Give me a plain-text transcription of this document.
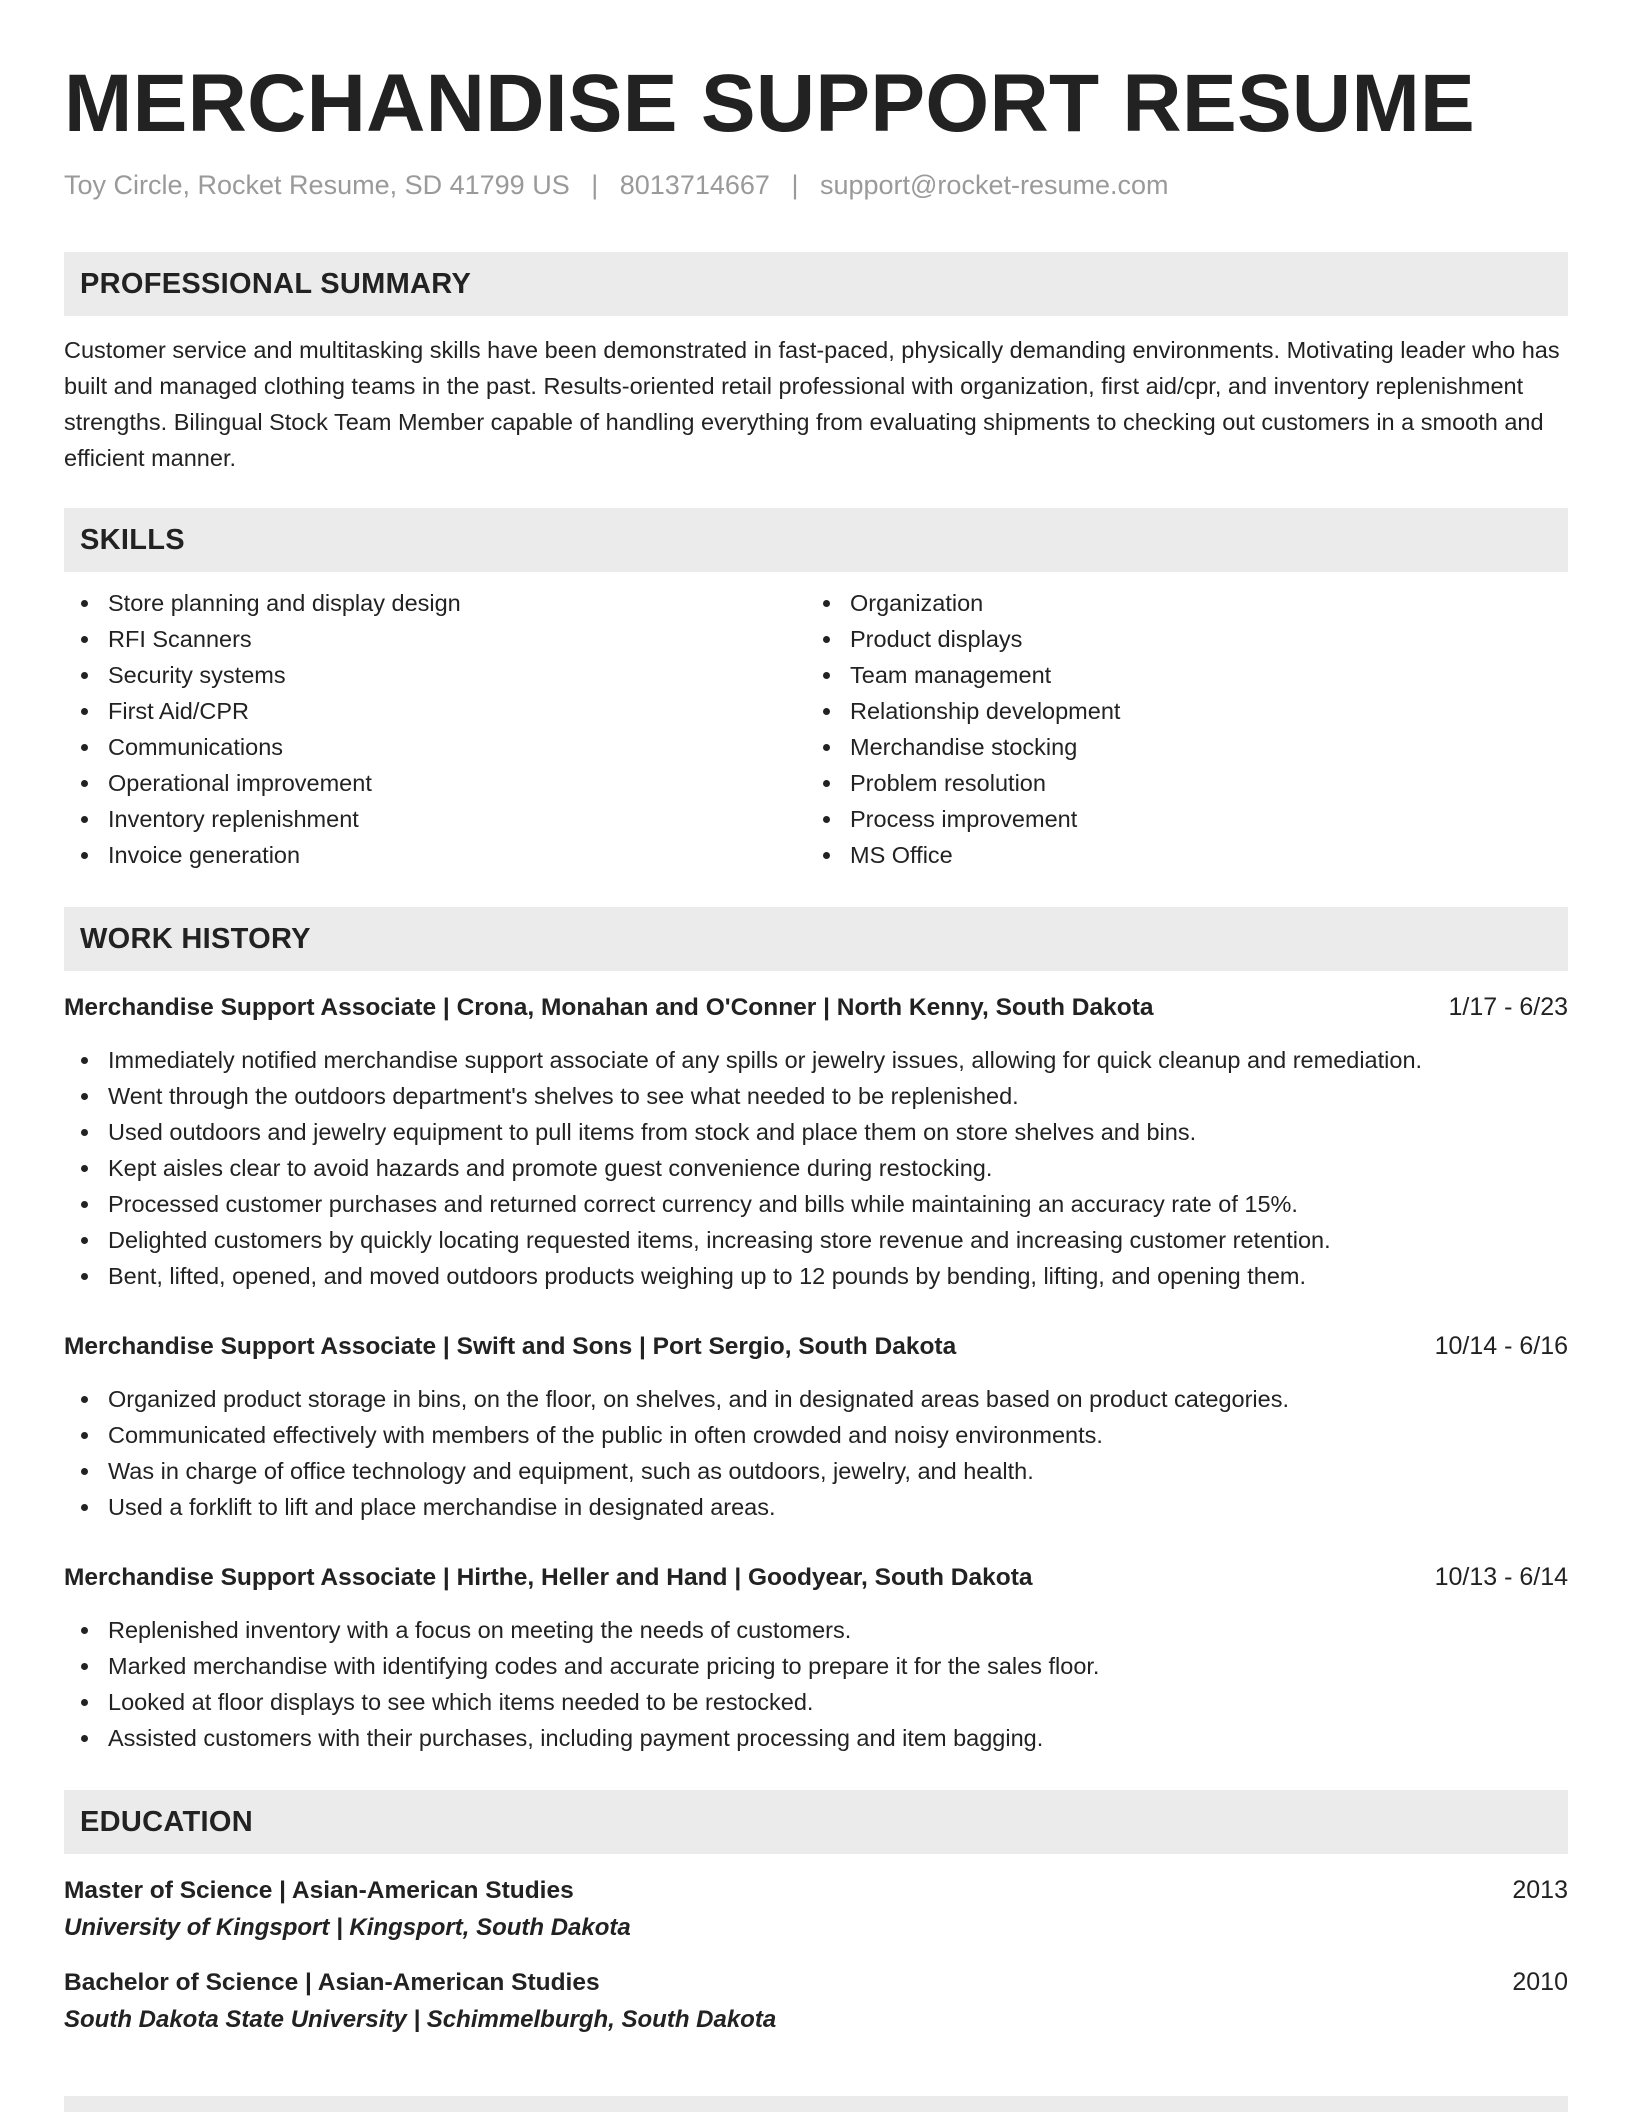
MERCHANDISE SUPPORT RESUME
Toy Circle, Rocket Resume, SD 41799 US | 8013714667 | support@rocket-resume.com
PROFESSIONAL SUMMARY

Customer service and multitasking skills have been demonstrated in fast-paced, physically demanding environments. Motivating leader who has built and managed clothing teams in the past. Results-oriented retail professional with organization, first aid/cpr, and inventory replenishment strengths. Bilingual Stock Team Member capable of handling everything from evaluating shipments to checking out customers in a smooth and efficient manner.

SKILLS
Store planning and display design
RFI Scanners
Security systems
First Aid/CPR
Communications
Operational improvement
Inventory replenishment
Invoice generation
Organization
Product displays
Team management
Relationship development
Merchandise stocking
Problem resolution
Process improvement
MS Office
WORK HISTORY
Merchandise Support Associate | Crona, Monahan and O'Conner | North Kenny, South Dakota	1/17 - 6/23
Immediately notified merchandise support associate of any spills or jewelry issues, allowing for quick cleanup and remediation.
Went through the outdoors department's shelves to see what needed to be replenished.
Used outdoors and jewelry equipment to pull items from stock and place them on store shelves and bins.
Kept aisles clear to avoid hazards and promote guest convenience during restocking.
Processed customer purchases and returned correct currency and bills while maintaining an accuracy rate of 15%.
Delighted customers by quickly locating requested items, increasing store revenue and increasing customer retention.
Bent, lifted, opened, and moved outdoors products weighing up to 12 pounds by bending, lifting, and opening them.
Merchandise Support Associate | Swift and Sons | Port Sergio, South Dakota	10/14 - 6/16
Organized product storage in bins, on the floor, on shelves, and in designated areas based on product categories.
Communicated effectively with members of the public in often crowded and noisy environments.
Was in charge of office technology and equipment, such as outdoors, jewelry, and health.
Used a forklift to lift and place merchandise in designated areas.
Merchandise Support Associate | Hirthe, Heller and Hand | Goodyear, South Dakota	10/13 - 6/14
Replenished inventory with a focus on meeting the needs of customers.
Marked merchandise with identifying codes and accurate pricing to prepare it for the sales floor.
Looked at floor displays to see which items needed to be restocked.
Assisted customers with their purchases, including payment processing and item bagging.
EDUCATION
Master of Science | Asian-American Studies	2013
University of Kingsport | Kingsport, South Dakota
Bachelor of Science | Asian-American Studies	2010
South Dakota State University | Schimmelburgh, South Dakota
